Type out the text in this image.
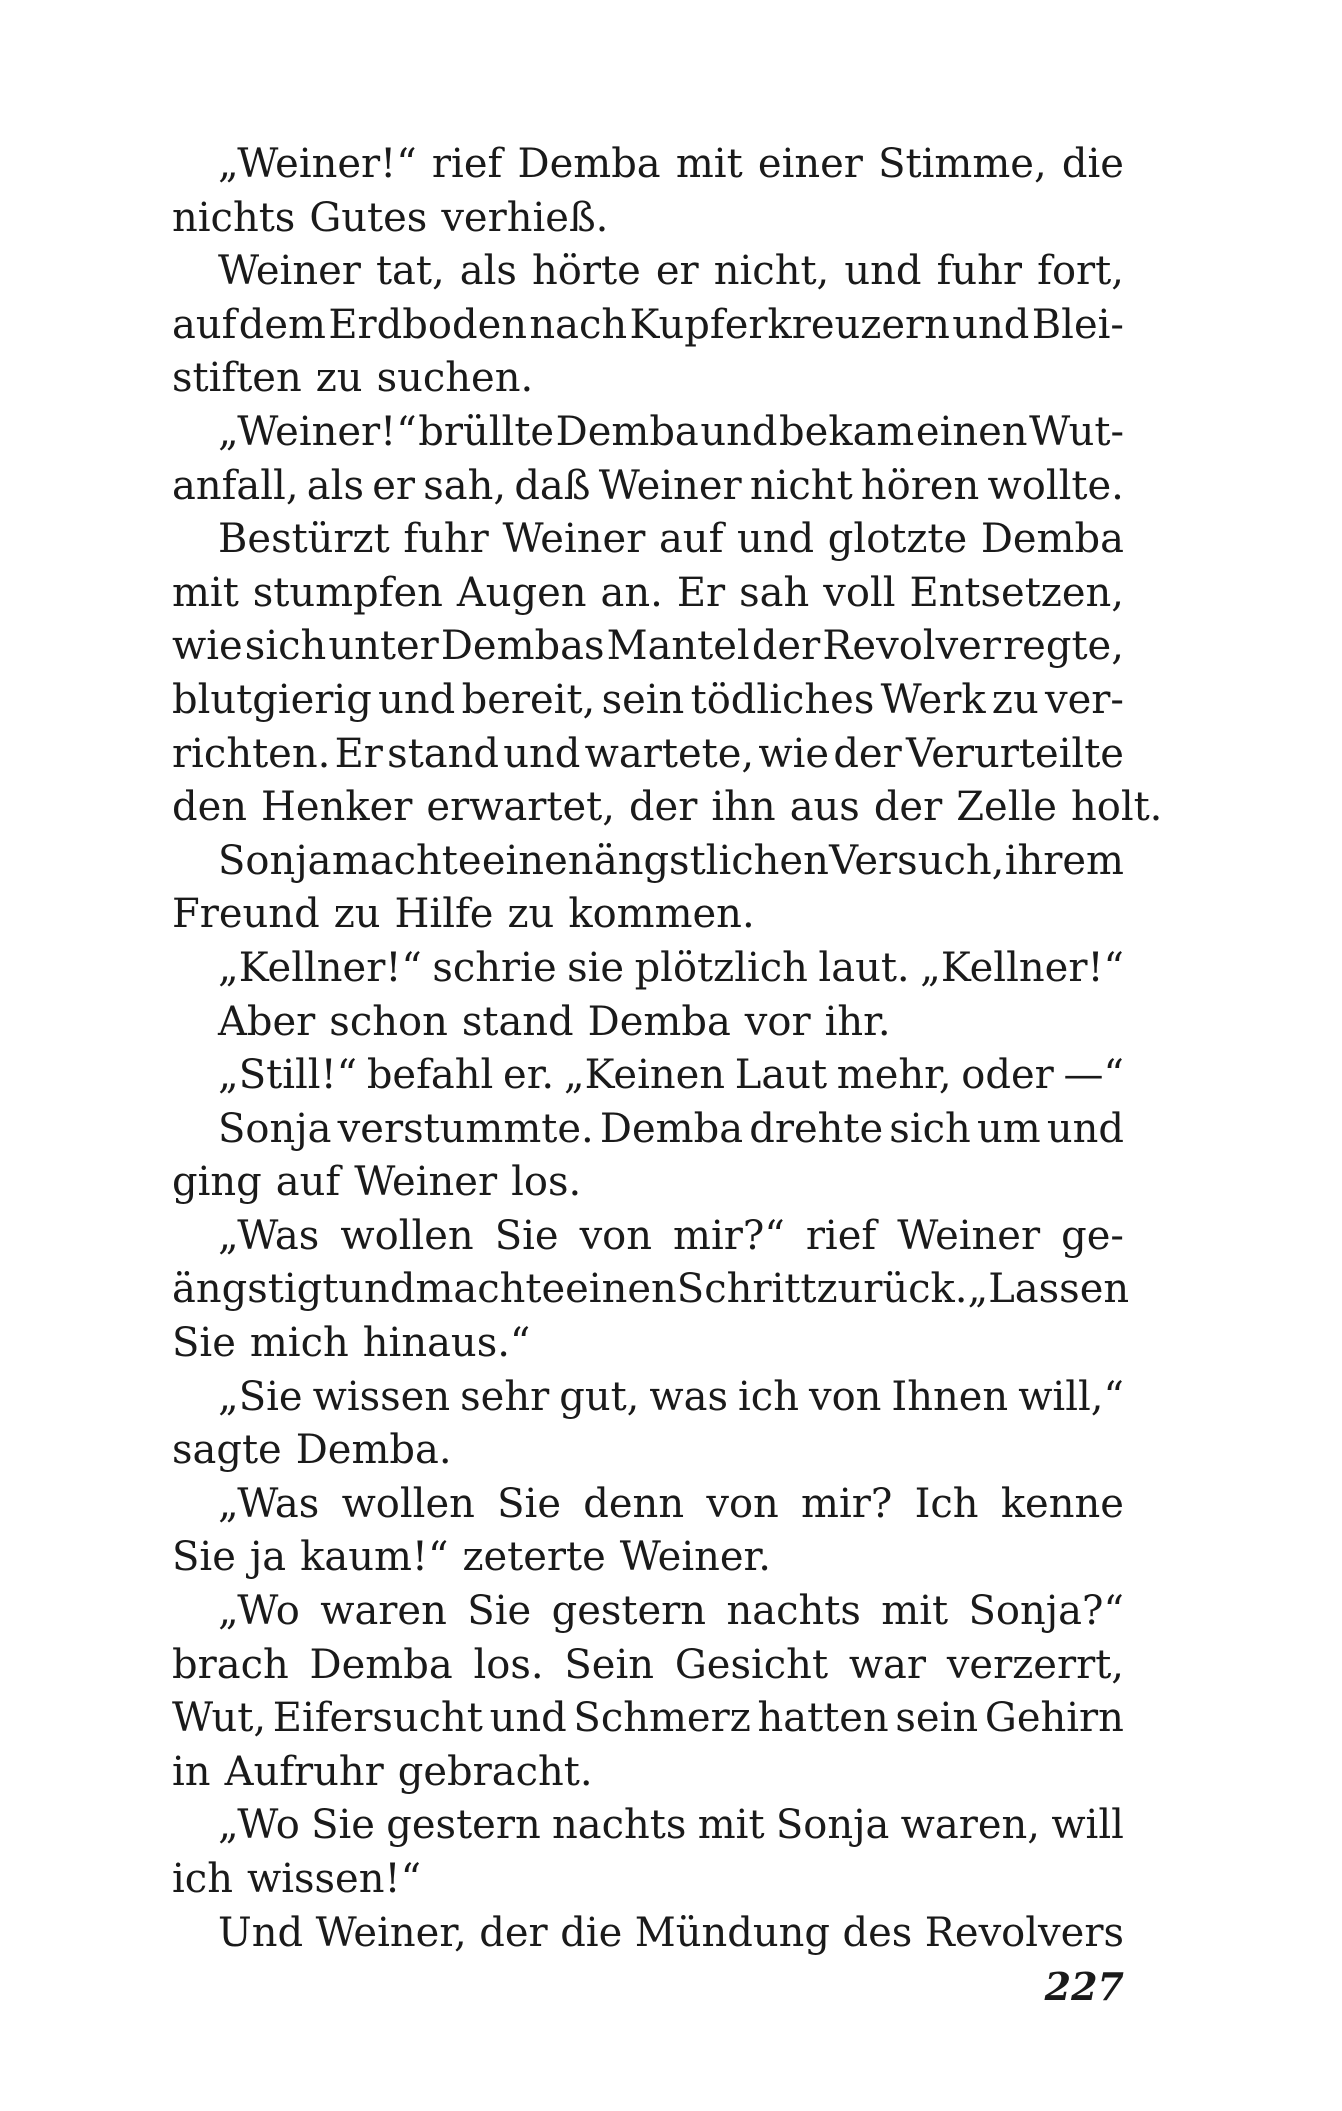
„Weiner!“ rief Demba mit einer Stimme, die
nichts Gutes verhieß.
Weiner tat, als hörte er nicht, und fuhr fort,
auf dem Erdboden nach Kupferkreuzern und Blei-
stiften zu suchen.
„Weiner!“ brüllte Demba und bekam einen Wut-
anfall, als er sah, daß Weiner nicht hören wollte.
Bestürzt fuhr Weiner auf und glotzte Demba
mit stumpfen Augen an. Er sah voll Entsetzen,
wie sich unter Dembas Mantel der Revolver regte,
blutgierig und bereit, sein tödliches Werk zu ver-
richten. Er stand und wartete, wie der Verurteilte
den Henker erwartet, der ihn aus der Zelle holt.
Sonja machte einen ängstlichen Versuch, ihrem
Freund zu Hilfe zu kommen.
„Kellner!“ schrie sie plötzlich laut. „Kellner!“
Aber schon stand Demba vor ihr.
„Still!“ befahl er. „Keinen Laut mehr, oder —“
Sonja verstummte. Demba drehte sich um und
ging auf Weiner los.
„Was wollen Sie von mir?“ rief Weiner ge-
ängstigt und machte einen Schritt zurück. „Lassen
Sie mich hinaus.“
„Sie wissen sehr gut, was ich von Ihnen will,“
sagte Demba.
„Was wollen Sie denn von mir? Ich kenne
Sie ja kaum!“ zeterte Weiner.
„Wo waren Sie gestern nachts mit Sonja?“
brach Demba los. Sein Gesicht war verzerrt,
Wut, Eifersucht und Schmerz hatten sein Gehirn
in Aufruhr gebracht.
„Wo Sie gestern nachts mit Sonja waren, will
ich wissen!“
Und Weiner, der die Mündung des Revolvers
227
